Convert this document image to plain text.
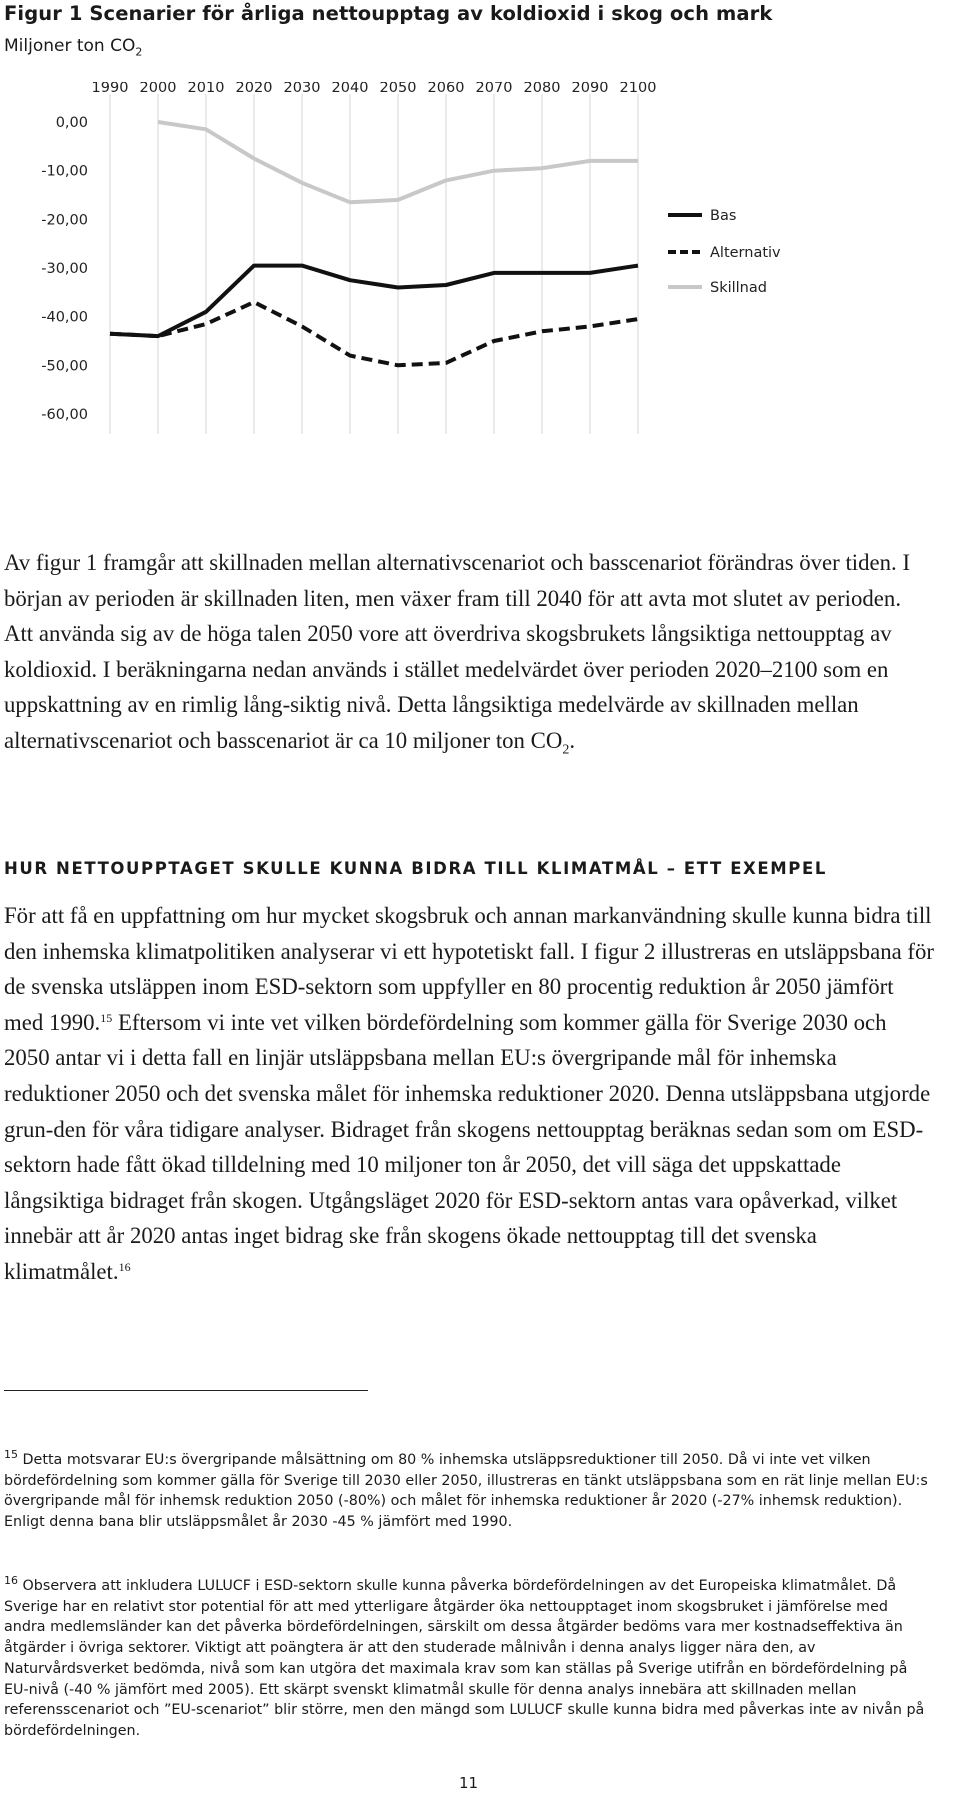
Figur 1 Scenarier för årliga nettoupptag av koldioxid i skog och mark
Miljoner ton $CO_2$
1990 2000 2010 2020 2030 2040 2050 2060 2070 2080 2090 2100
0,00
-10,00
-20,00
-30,00
-40,00
-50,00
-60,00
Bas
Alternativ
Skillnad

Av figur 1 framgår att skillnaden mellan alternativscenariot och basscenariot förändras över tiden. I början av perioden är skillnaden liten, men växer fram till 2040 för att avta mot slutet av perioden. Att använda sig av de höga talen 2050 vore att överdriva skogsbrukets långsiktiga nettoupptag av koldioxid. I beräkningarna nedan används i stället medelvärdet över perioden 2020–2100 som en uppskattning av en rimlig lång-siktig nivå. Detta långsiktiga medelvärde av skillnaden mellan alternativscenariot och basscenariot är ca 10 miljoner ton $CO_2$.

HUR NETTOUPPTAGET SKULLE KUNNA BIDRA TILL KLIMATMÅL – ETT EXEMPEL

För att få en uppfattning om hur mycket skogsbruk och annan markanvändning skulle kunna bidra till den inhemska klimatpolitiken analyserar vi ett hypotetiskt fall. I figur 2 illustreras en utsläppsbana för de svenska utsläppen inom ESD-sektorn som uppfyller en 80 procentig reduktion år 2050 jämfört med 1990.15 Eftersom vi inte vet vilken bördefördelning som kommer gälla för Sverige 2030 och 2050 antar vi i detta fall en linjär utsläppsbana mellan EU:s övergripande mål för inhemska reduktioner 2050 och det svenska målet för inhemska reduktioner 2020. Denna utsläppsbana utgjorde grun-den för våra tidigare analyser. Bidraget från skogens nettoupptag beräknas sedan som om ESD-sektorn hade fått ökad tilldelning med 10 miljoner ton år 2050, det vill säga det uppskattade långsiktiga bidraget från skogen. Utgångsläget 2020 för ESD-sektorn antas vara opåverkad, vilket innebär att år 2020 antas inget bidrag ske från skogens ökade nettoupptag till det svenska klimatmålet.$^{16}$

$^{15}$ Detta motsvarar EU:s övergripande målsättning om 80 % inhemska utsläppsreduktioner till 2050. Då vi inte vet vilken bördefördelning som kommer gälla för Sverige till 2030 eller 2050, illustreras en tänkt utsläppsbana som en rät linje mellan EU:s övergripande mål för inhemsk reduktion 2050 (-80%) och målet för inhemska reduktioner år 2020 (-27% inhemsk reduktion). Enligt denna bana blir utsläppsmålet år 2030 -45 % jämfört med 1990.

$^{16}$ Observera att inkludera LULUCF i ESD-sektorn skulle kunna påverka bördefördelningen av det Europeiska klimatmålet. Då Sverige har en relativt stor potential för att med ytterligare åtgärder öka nettoupptaget inom skogsbruket i jämförelse med andra medlemsländer kan det påverka bördefördelningen, särskilt om dessa åtgärder bedöms vara mer kostnadseffektiva än åtgärder i övriga sektorer. Viktigt att poängtera är att den studerade målnivån i denna analys ligger nära den, av Naturvårdsverket bedömda, nivå som kan utgöra det maximala krav som kan ställas på Sverige utifrån en bördefördelning på EU-nivå (-40 % jämfört med 2005). Ett skärpt svenskt klimatmål skulle för denna analys innebära att skillnaden mellan referensscenariot och ”EU-scenariot” blir större, men den mängd som LULUCF skulle kunna bidra med påverkas inte av nivån på bördefördelningen.

11
